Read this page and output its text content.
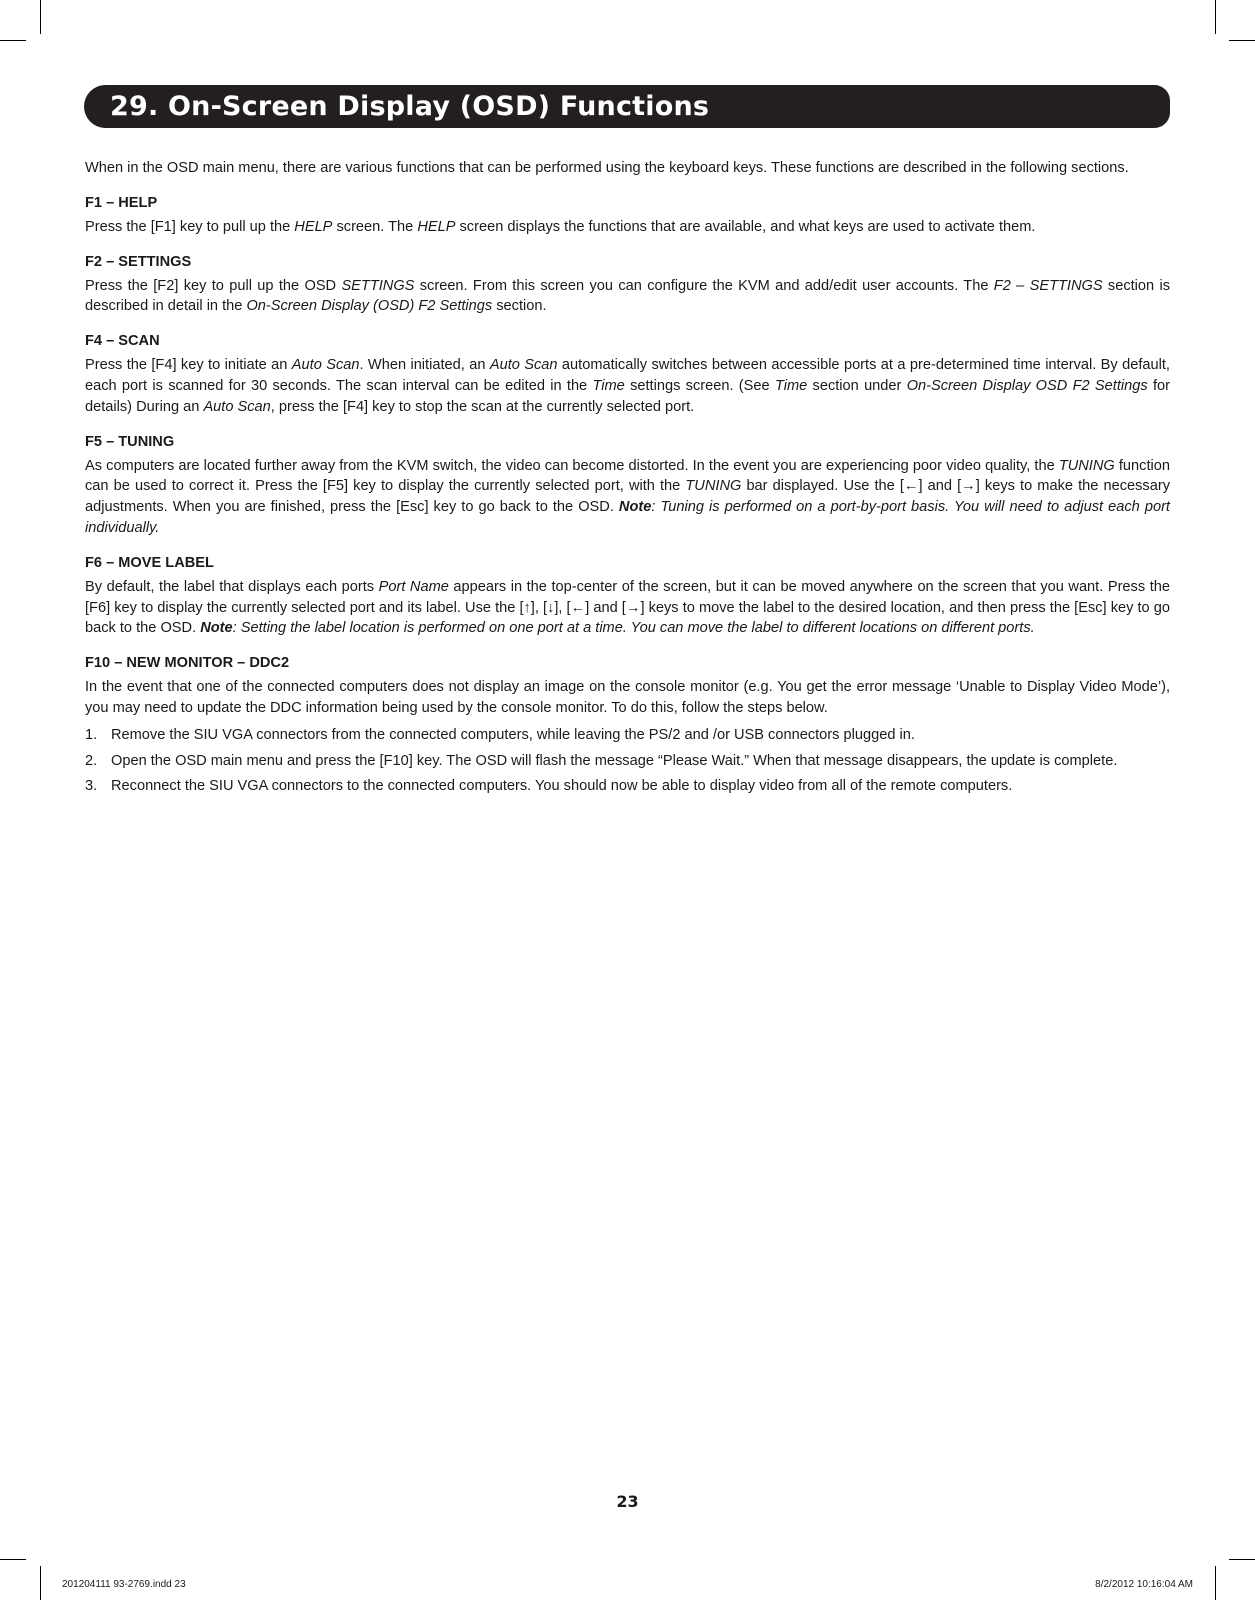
29. On-Screen Display (OSD) Functions

When in the OSD main menu, there are various functions that can be performed using the keyboard keys. These functions are described in the following sections.

F1 – HELP

Press the [F1] key to pull up the HELP screen. The HELP screen displays the functions that are available, and what keys are used to activate them.

F2 – SETTINGS

Press the [F2] key to pull up the OSD SETTINGS screen. From this screen you can configure the KVM and add/edit user accounts. The F2 – SETTINGS section is described in detail in the On-Screen Display (OSD) F2 Settings section.

F4 – SCAN

Press the [F4] key to initiate an Auto Scan. When initiated, an Auto Scan automatically switches between accessible ports at a pre-determined time interval. By default, each port is scanned for 30 seconds. The scan interval can be edited in the Time settings screen. (See Time section under On-Screen Display OSD F2 Settings for details) During an Auto Scan, press the [F4] key to stop the scan at the currently selected port.

F5 – TUNING

As computers are located further away from the KVM switch, the video can become distorted. In the event you are experiencing poor video quality, the TUNING function can be used to correct it. Press the [F5] key to display the currently selected port, with the TUNING bar displayed. Use the [←] and [→] keys to make the necessary adjustments. When you are finished, press the [Esc] key to go back to the OSD. Note: Tuning is performed on a port-by-port basis. You will need to adjust each port individually.

F6 – MOVE LABEL

By default, the label that displays each ports Port Name appears in the top-center of the screen, but it can be moved anywhere on the screen that you want. Press the [F6] key to display the currently selected port and its label. Use the [↑], [↓], [←] and [→] keys to move the label to the desired location, and then press the [Esc] key to go back to the OSD. Note: Setting the label location is performed on one port at a time. You can move the label to different locations on different ports.

F10 – NEW MONITOR – DDC2

In the event that one of the connected computers does not display an image on the console monitor (e.g. You get the error message ‘Unable to Display Video Mode’), you may need to update the DDC information being used by the console monitor. To do this, follow the steps below.

1. Remove the SIU VGA connectors from the connected computers, while leaving the PS/2 and /or USB connectors plugged in.
2. Open the OSD main menu and press the [F10] key. The OSD will flash the message “Please Wait.” When that message disappears, the update is complete.
3. Reconnect the SIU VGA connectors to the connected computers. You should now be able to display video from all of the remote computers.
23
201204111 93-2769.indd 23	8/2/2012 10:16:04 AM
